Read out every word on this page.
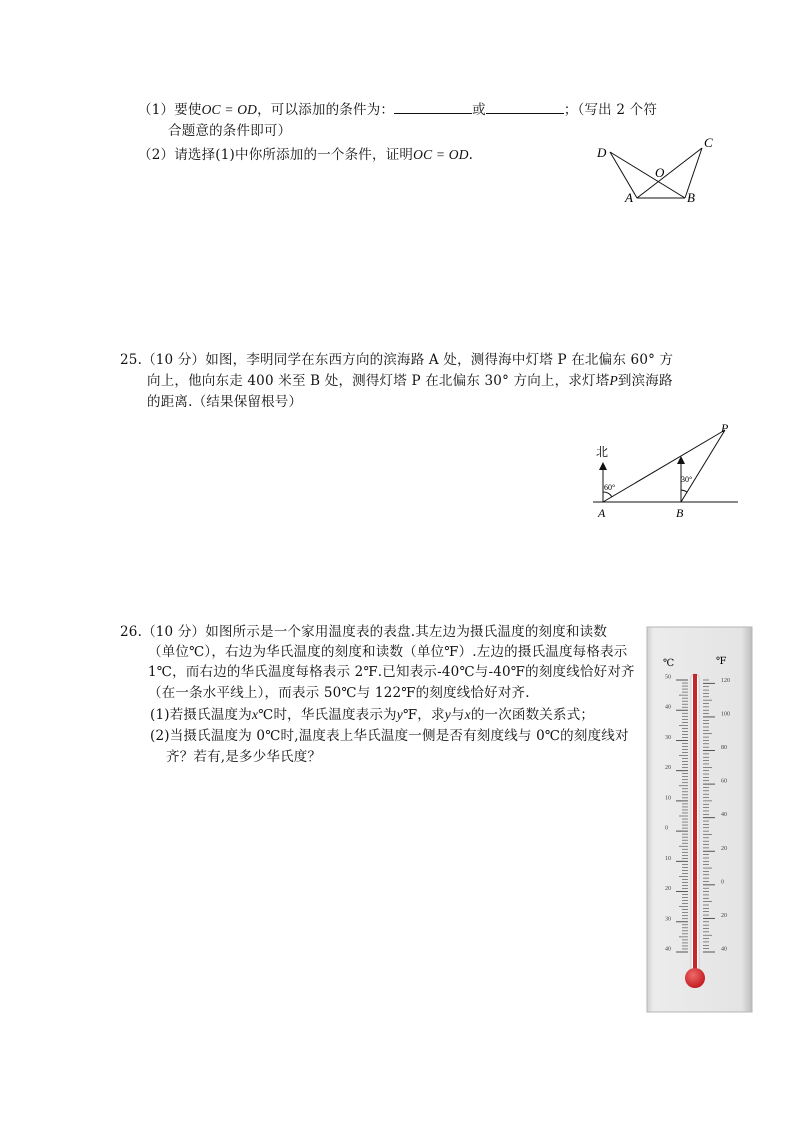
（1）要使OC = OD，可以添加的条件为：	或	；（写出 2 个符
合题意的条件即可）
（2）请选择(1)中你所添加的一个条件，证明OC = OD.	D
C
O
A	B
25.（10 分）如图，李明同学在东西方向的滨海路 A 处，测得海中灯塔 P 在北偏东 60° 方
向上，他向东走 400 米至 B 处，测得灯塔 P 在北偏东 30° 方向上，求灯塔P到滨海路
的距离.（结果保留根号）
北
60°
30°
P
A	B
26.（10 分）如图所示是一个家用温度表的表盘.其左边为摄氏温度的刻度和读数
（单位℃），右边为华氏温度的刻度和读数（单位℉）.左边的摄氏温度每格表示
1℃，而右边的华氏温度每格表示 2℉.已知表示-40℃与-40℉的刻度线恰好对齐
（在一条水平线上），而表示 50℃与 122℉的刻度线恰好对齐.
(1)若摄氏温度为x℃时，华氏温度表示为y℉，求y与x的一次函数关系式；
(2)当摄氏温度为 0℃时,温度表上华氏温度一侧是否有刻度线与 0℃的刻度线对
齐？若有,是多少华氏度？
℃	℉
50
40
30
20
10
0
10
20
30
40
120
100
80
60
40
20
0
20
40
